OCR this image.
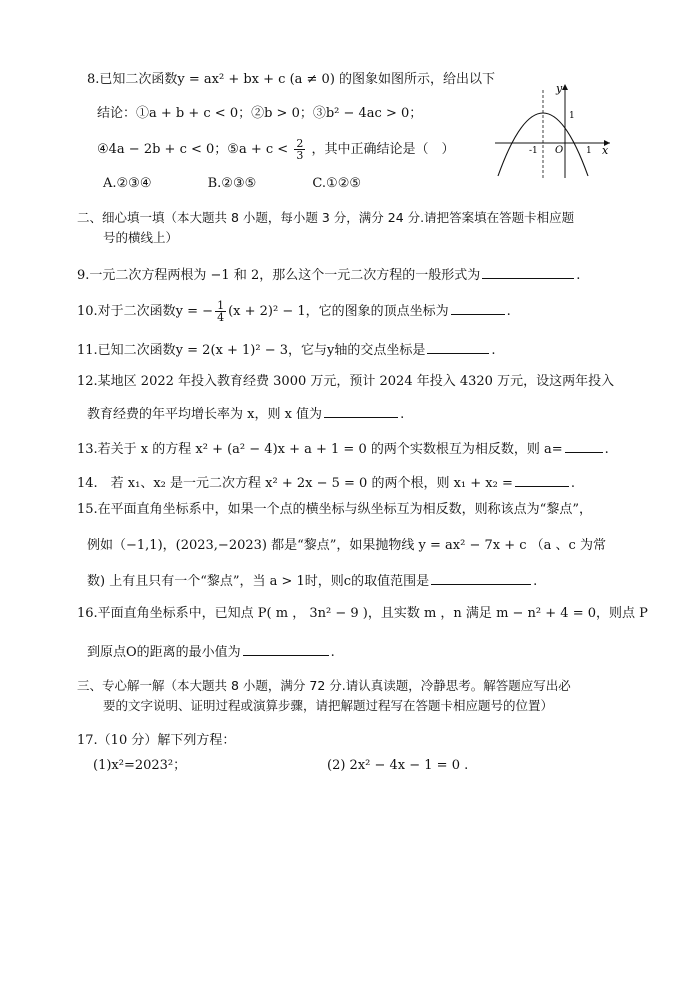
8.已知二次函数y = ax² + bx + c (a ≠ 0) 的图象如图所示，给出以下
结论：①a + b + c < 0；②b > 0；③b² − 4ac > 0；
④4a − 2b + c < 0；⑤a + $c < \frac{2}{3}$ ，其中正确结论是（　）
A.②③④	B.②③⑤	C.①②⑤
y
x
O
-1	1
1
二、细心填一填（本大题共 8 小题，每小题 3 分，满分 24 分.请把答案填在答题卡相应题
号的横线上）
9.一元二次方程两根为 −1 和 2，那么这个一元二次方程的一般形式为	.
10.对于二次函数y = − $\frac{1}{4} (x + 2)^2 - 1$，它的图象的顶点坐标为	.
11.已知二次函数y = 2(x + 1)² − 3，它与y轴的交点坐标是	.
12.某地区 2022 年投入教育经费 3000 万元，预计 2024 年投入 4320 万元，设这两年投入
教育经费的年平均增长率为 x，则 x 值为	.
13.若关于 x 的方程 x² + (a² − 4)x + a + 1 = 0 的两个实数根互为相反数，则 a=	.
14.　若 x₁、x₂ 是一元二次方程 x² + 2x − 5 = 0 的两个根，则 x₁ + x₂ =	.
15.在平面直角坐标系中，如果一个点的横坐标与纵坐标互为相反数，则称该点为“黎点”，
例如（−1,1)，(2023,−2023) 都是“黎点”，如果抛物线 y = ax² − 7x + c （a 、c 为常
数) 上有且只有一个“黎点”，当 a > 1时，则c的取值范围是	.
16.平面直角坐标系中，已知点 P( m ， 3n² − 9 )，且实数 m ，n 满足 m − n² + 4 = 0，则点 P
到原点O的距离的最小值为	.
三、专心解一解（本大题共 8 小题，满分 72 分.请认真读题，冷静思考。解答题应写出必
要的文字说明、证明过程或演算步骤，请把解题过程写在答题卡相应题号的位置）
17.（10 分）解下列方程：
(1)x²=2023²；	(2) 2x² − 4x − 1 = 0 .
